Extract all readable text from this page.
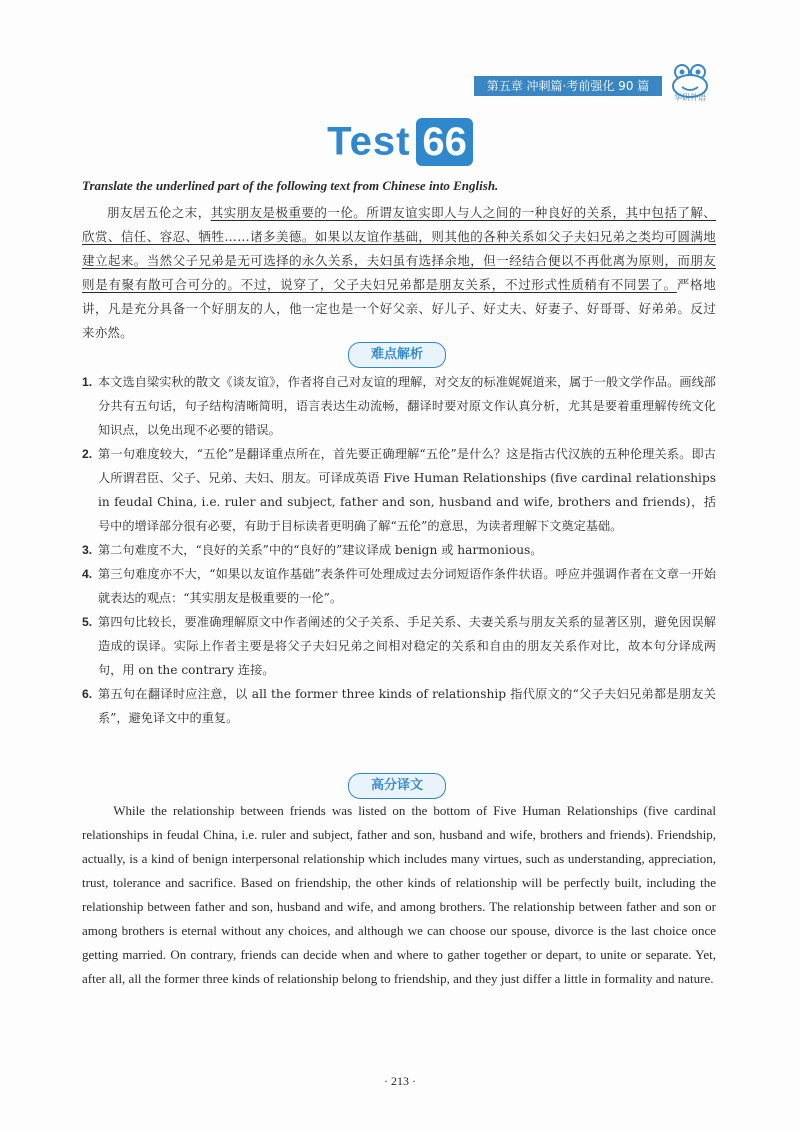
第五章 冲刺篇·考前强化 90 篇
华研外语
Test 66
Translate the underlined part of the following text from Chinese into English.
朋友居五伦之末，其实朋友是极重要的一伦。所谓友谊实即人与人之间的一种良好的关系，其中包括了解、欣赏、信任、容忍、牺牲……诸多美德。如果以友谊作基础，则其他的各种关系如父子夫妇兄弟之类均可圆满地建立起来。当然父子兄弟是无可选择的永久关系，夫妇虽有选择余地，但一经结合便以不再仳离为原则，而朋友则是有聚有散可合可分的。不过，说穿了，父子夫妇兄弟都是朋友关系，不过形式性质稍有不同罢了。严格地讲，凡是充分具备一个好朋友的人，他一定也是一个好父亲、好儿子、好丈夫、好妻子、好哥哥、好弟弟。反过来亦然。
难点解析
1. 本文选自梁实秋的散文《谈友谊》，作者将自己对友谊的理解，对交友的标准娓娓道来，属于一般文学作品。画线部分共有五句话，句子结构清晰简明，语言表达生动流畅，翻译时要对原文作认真分析，尤其是要着重理解传统文化知识点，以免出现不必要的错误。
2. 第一句难度较大，“五伦”是翻译重点所在，首先要正确理解“五伦”是什么？这是指古代汉族的五种伦理关系。即古人所谓君臣、父子、兄弟、夫妇、朋友。可译成英语 Five Human Relationships (five cardinal relationships in feudal China, i.e. ruler and subject, father and son, husband and wife, brothers and friends)，括号中的增译部分很有必要，有助于目标读者更明确了解“五伦”的意思，为读者理解下文奠定基础。
3. 第二句难度不大，“良好的关系”中的“良好的”建议译成 benign 或 harmonious。
4. 第三句难度亦不大，“如果以友谊作基础”表条件可处理成过去分词短语作条件状语。呼应并强调作者在文章一开始就表达的观点：“其实朋友是极重要的一伦”。
5. 第四句比较长，要准确理解原文中作者阐述的父子关系、手足关系、夫妻关系与朋友关系的显著区别，避免因误解造成的误译。实际上作者主要是将父子夫妇兄弟之间相对稳定的关系和自由的朋友关系作对比，故本句分译成两句，用 on the contrary 连接。
6. 第五句在翻译时应注意，以 all the former three kinds of relationship 指代原文的“父子夫妇兄弟都是朋友关系”，避免译文中的重复。
高分译文
While the relationship between friends was listed on the bottom of Five Human Relationships (five cardinal relationships in feudal China, i.e. ruler and subject, father and son, husband and wife, brothers and friends). Friendship, actually, is a kind of benign interpersonal relationship which includes many virtues, such as understanding, appreciation, trust, tolerance and sacrifice. Based on friendship, the other kinds of relationship will be perfectly built, including the relationship between father and son, husband and wife, and among brothers. The relationship between father and son or among brothers is eternal without any choices, and although we can choose our spouse, divorce is the last choice once getting married. On contrary, friends can decide when and where to gather together or depart, to unite or separate. Yet, after all, all the former three kinds of relationship belong to friendship, and they just differ a little in formality and nature.
· 213 ·
